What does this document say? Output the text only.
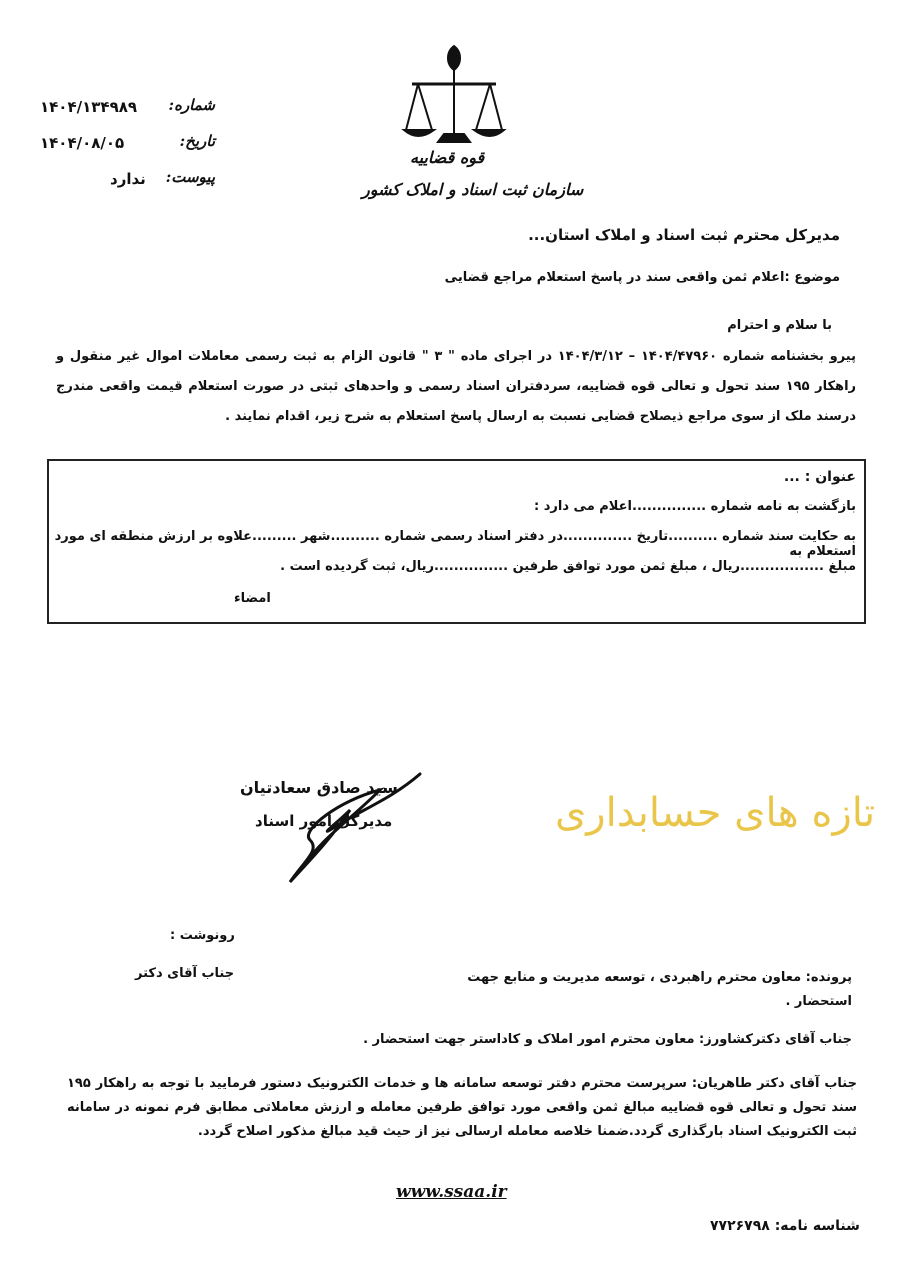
شماره:
۱۴۰۴/۱۳۴۹۸۹
تاریخ:
۱۴۰۴/۰۸/۰۵
پیوست:
ندارد
قوه قضاییه
سازمان ثبت اسناد و املاک کشور
مدیرکل محترم ثبت اسناد و املاک استان...
موضوع :اعلام ثمن واقعی سند در پاسخ استعلام مراجع قضایی
با سلام و احترام
پیرو بخشنامه شماره ۱۴۰۴/۴۷۹۶۰ – ۱۴۰۴/۳/۱۲ در اجرای ماده " ۳ " قانون الزام به ثبت رسمی معاملات اموال غیر منقول و راهکار ۱۹۵ سند تحول و تعالی قوه قضاییه، سردفتران اسناد رسمی و واحدهای ثبتی در صورت استعلام قیمت واقعی مندرج درسند ملک از سوی مراجع ذیصلاح قضایی نسبت به ارسال پاسخ استعلام به شرح زیر، اقدام نمایند .
عنوان : ...
بازگشت به نامه شماره ...............اعلام می دارد :
به حکایت سند شماره ..........تاریخ ..............در دفتر اسناد رسمی شماره ..........شهر .........علاوه بر ارزش منطقه ای مورد استعلام به
مبلغ .................ریال ، مبلغ ثمن مورد توافق طرفین ...............ریال، ثبت گردیده است .
امضاء
سید صادق سعادتیان
مدیرکل امور اسناد	تازه های حسابداری
رونوشت :
جناب آقای دکتر	پرونده: معاون محترم راهبردی ، توسعه مدیریت و منابع جهت
استحضار .
جناب آقای دکترکشاورز: معاون محترم امور املاک و کاداستر جهت استحضار .
جناب آقای دکتر طاهریان: سرپرست محترم دفتر توسعه سامانه ها و خدمات الکترونیک دستور فرمایید با توجه به راهکار ۱۹۵ سند تحول و تعالی قوه قضاییه مبالغ ثمن واقعی مورد توافق طرفین معامله و ارزش معاملاتی مطابق فرم نمونه در سامانه ثبت الکترونیک اسناد بارگذاری گردد.ضمنا خلاصه معامله ارسالی نیز از حیث قید مبالغ مذکور اصلاح گردد.
www.ssaa.ir
شناسه نامه: ۷۷۲۶۷۹۸
